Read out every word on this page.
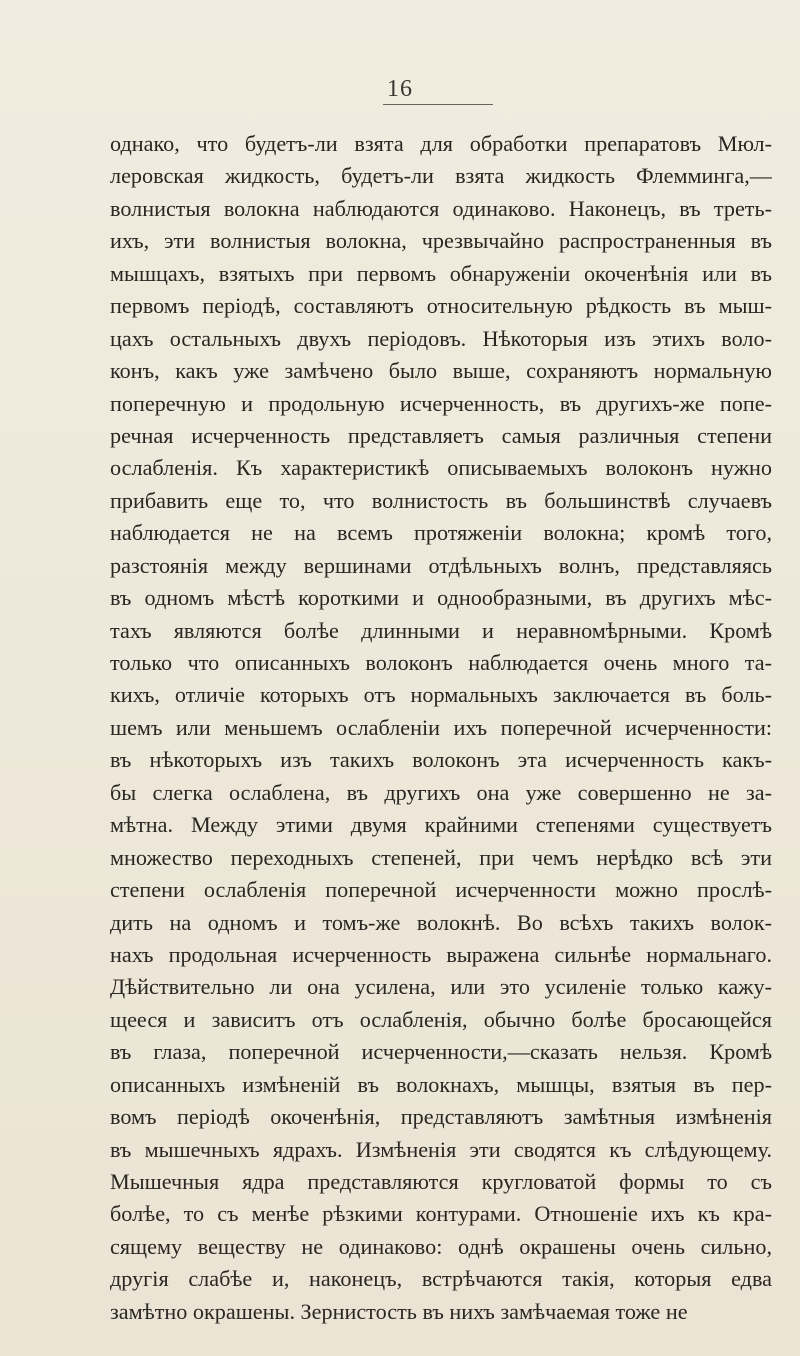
16
однако, что будетъ-ли взята для обработки препаратовъ Мюл-
леровская жидкость, будетъ-ли взята жидкость Флемминга,—
волнистыя волокна наблюдаются одинаково. Наконецъ, въ треть-
ихъ, эти волнистыя волокна, чрезвычайно распространенныя въ
мышцахъ, взятыхъ при первомъ обнаруженіи окоченѣнія или въ
первомъ періодѣ, составляютъ относительную рѣдкость въ мыш-
цахъ остальныхъ двухъ періодовъ. Нѣкоторыя изъ этихъ воло-
конъ, какъ уже замѣчено было выше, сохраняютъ нормальную
поперечную и продольную исчерченность, въ другихъ-же попе-
речная исчерченность представляетъ самыя различныя степени
ослабленія. Къ характеристикѣ описываемыхъ волоконъ нужно
прибавить еще то, что волнистость въ большинствѣ случаевъ
наблюдается не на всемъ протяженіи волокна; кромѣ того,
разстоянія между вершинами отдѣльныхъ волнъ, представляясь
въ одномъ мѣстѣ короткими и однообразными, въ другихъ мѣс-
тахъ являются болѣе длинными и неравномѣрными. Кромѣ
только что описанныхъ волоконъ наблюдается очень много та-
кихъ, отличіе которыхъ отъ нормальныхъ заключается въ боль-
шемъ или меньшемъ ослабленіи ихъ поперечной исчерченности:
въ нѣкоторыхъ изъ такихъ волоконъ эта исчерченность какъ-
бы слегка ослаблена, въ другихъ она уже совершенно не за-
мѣтна. Между этими двумя крайними степенями существуетъ
множество переходныхъ степеней, при чемъ нерѣдко всѣ эти
степени ослабленія поперечной исчерченности можно прослѣ-
дить на одномъ и томъ-же волокнѣ. Во всѣхъ такихъ волок-
нахъ продольная исчерченность выражена сильнѣе нормальнаго.
Дѣйствительно ли она усилена, или это усиленіе только кажу-
щееся и зависитъ отъ ослабленія, обычно болѣе бросающейся
въ глаза, поперечной исчерченности,—сказать нельзя. Кромѣ
описанныхъ измѣненій въ волокнахъ, мышцы, взятыя въ пер-
вомъ періодѣ окоченѣнія, представляютъ замѣтныя измѣненія
въ мышечныхъ ядрахъ. Измѣненія эти сводятся къ слѣдующему.
Мышечныя ядра представляются кругловатой формы то съ
болѣе, то съ менѣе рѣзкими контурами. Отношеніе ихъ къ кра-
сящему веществу не одинаково: однѣ окрашены очень сильно,
другія слабѣе и, наконецъ, встрѣчаются такія, которыя едва
замѣтно окрашены. Зернистость въ нихъ замѣчаемая тоже не
